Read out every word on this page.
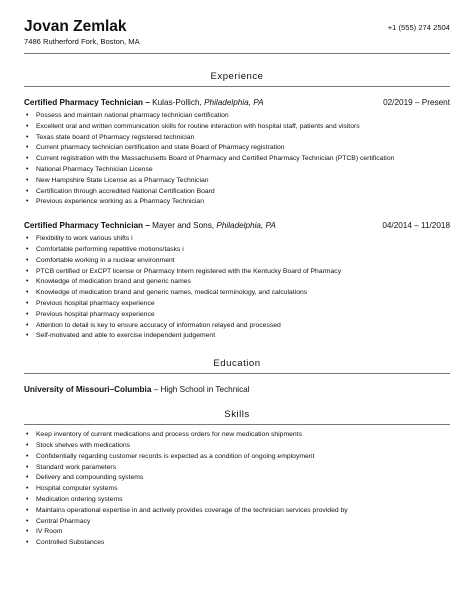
Jovan Zemlak
7486 Rutherford Fork, Boston, MA
+1 (555) 274 2504
Experience
Certified Pharmacy Technician – Kulas-Pollich, Philadelphia, PA	02/2019 – Present
• Possess and maintain national pharmacy technician certification
• Excellent oral and written communication skills for routine interaction with hospital staff, patients and visitors
• Texas state board of Pharmacy registered technician
• Current pharmacy technician certification and state Board of Pharmacy registration
• Current registration with the Massachusetts Board of Pharmacy and Certified Pharmacy Technician (PTCB) certification
• National Pharmacy Technician License
• New Hampshire State License as a Pharmacy Technician
• Certification through accredited National Certification Board
• Previous experience working as a Pharmacy Technician
Certified Pharmacy Technician – Mayer and Sons, Philadelphia, PA	04/2014 – 11/2018
• Flexibility to work various shifts i
• Comfortable performing repetitive motions/tasks i
• Comfortable working in a nuclear environment
• PTCB certified or ExCPT license or Pharmacy Intern registered with the Kentucky Board of Pharmacy
• Knowledge of medication brand and generic names
• Knowledge of medication brand and generic names, medical terminology, and calculations
• Previous hospital pharmacy experience
• Previous hospital pharmacy experience
• Attention to detail is key to ensure accuracy of information relayed and processed
• Self-motivated and able to exercise independent judgement
Education
University of Missouri–Columbia – High School in Technical
Skills
• Keep inventory of current medications and process orders for new medication shipments
• Stock shelves with medications
• Confidentially regarding customer records is expected as a condition of ongoing employment
• Standard work parameters
• Delivery and compounding systems
• Hospital computer systems
• Medication ordering systems
• Maintains operational expertise in and actively provides coverage of the technician services provided by
• Central Pharmacy
• IV Room
• Controlled Substances
